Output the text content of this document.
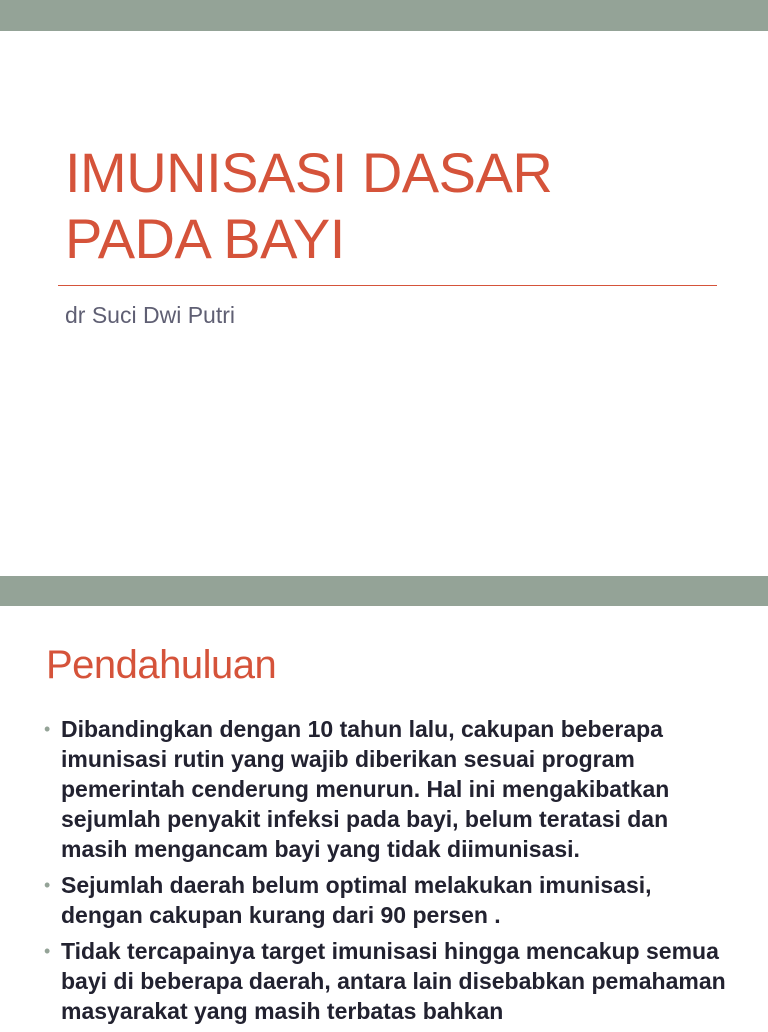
IMUNISASI DASAR
PADA BAYI

dr Suci Dwi Putri

Pendahuluan
• Dibandingkan dengan 10 tahun lalu, cakupan beberapa imunisasi rutin yang wajib diberikan sesuai program pemerintah cenderung menurun. Hal ini mengakibatkan sejumlah penyakit infeksi pada bayi, belum teratasi dan masih mengancam bayi yang tidak diimunisasi.
• Sejumlah daerah belum optimal melakukan imunisasi, dengan cakupan kurang dari 90 persen .
• Tidak tercapainya target imunisasi hingga mencakup semua bayi di beberapa daerah, antara lain disebabkan pemahaman masyarakat yang masih terbatas bahkan
